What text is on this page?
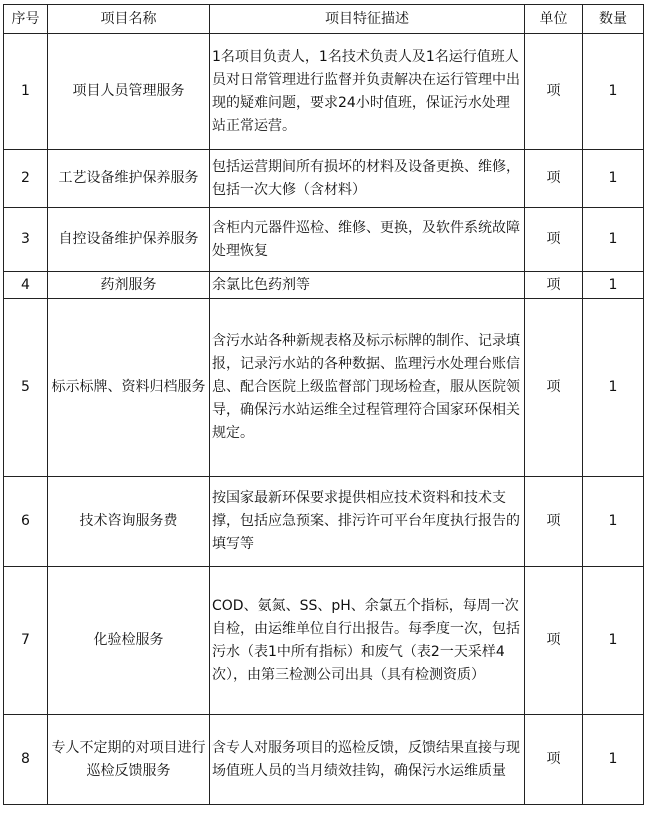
序号	项目名称	项目特征描述	单位	数量
1	项目人员管理服务	1名项目负责人，1名技术负责人及1名运行值班人员对日常管理进行监督并负责解决在运行管理中出现的疑难问题，要求24小时值班，保证污水处理站正常运营。	项	1
2	工艺设备维护保养服务	包括运营期间所有损坏的材料及设备更换、维修，包括一次大修（含材料）	项	1
3	自控设备维护保养服务	含柜内元器件巡检、维修、更换，及软件系统故障处理恢复	项	1
4	药剂服务	余氯比色药剂等	项	1
5	标示标牌、资料归档服务	含污水站各种新规表格及标示标牌的制作、记录填报，记录污水站的各种数据、监理污水处理台账信息、配合医院上级监督部门现场检查，服从医院领导，确保污水站运维全过程管理符合国家环保相关规定。	项	1
6	技术咨询服务费	按国家最新环保要求提供相应技术资料和技术支撑，包括应急预案、排污许可平台年度执行报告的填写等	项	1
7	化验检服务	COD、氨氮、SS、pH、余氯五个指标，每周一次自检，由运维单位自行出报告。每季度一次，包括污水（表1中所有指标）和废气（表2一天采样4次），由第三检测公司出具（具有检测资质）	项	1
8	专人不定期的对项目进行巡检反馈服务	含专人对服务项目的巡检反馈，反馈结果直接与现场值班人员的当月绩效挂钩，确保污水运维质量	项	1
